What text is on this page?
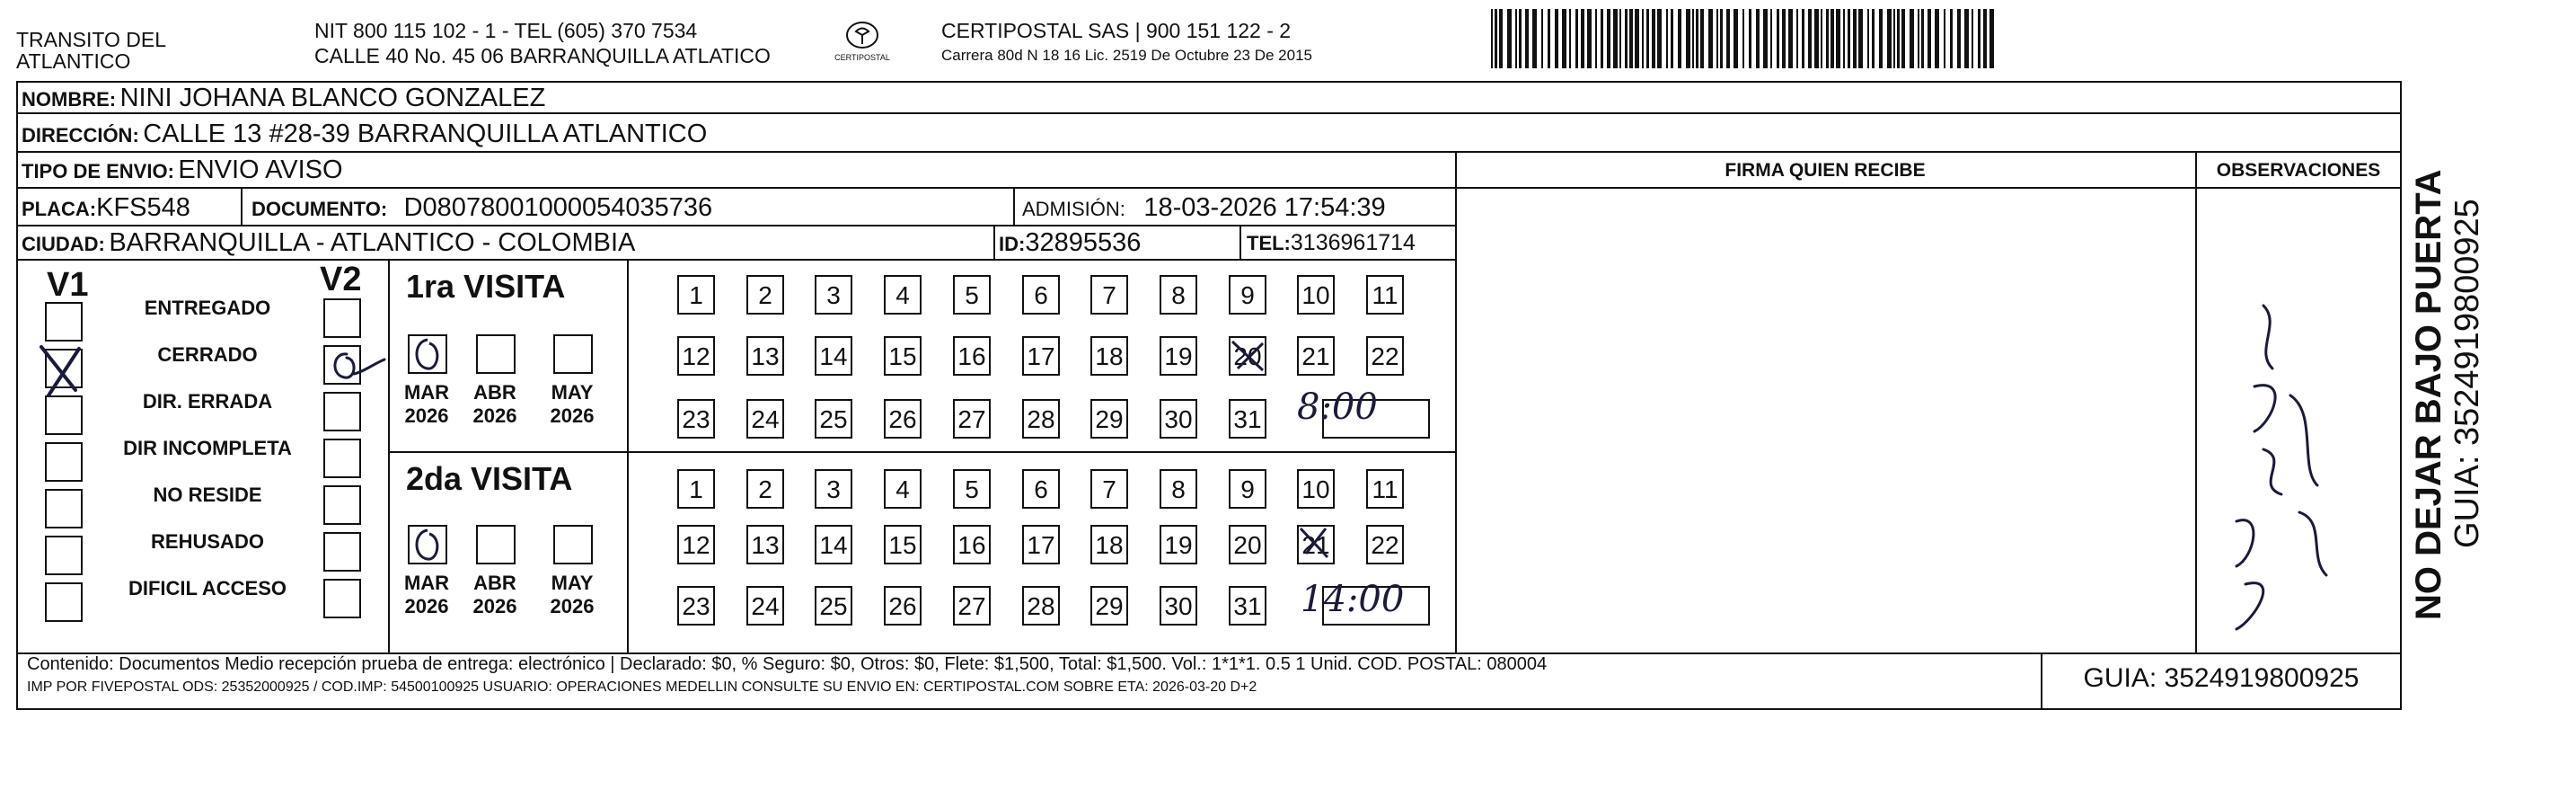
TRANSITO DEL
ATLANTICO
NIT 800 115 102 - 1 - TEL (605) 370 7534
CALLE 40 No. 45 06 BARRANQUILLA ATLATICO	CERTIPOSTAL
CERTIPOSTAL SAS | 900 151 122 - 2
Carrera 80d N 18 16 Lic. 2519 De Octubre 23 De 2015
NOMBRE: NINI JOHANA BLANCO GONZALEZ
DIRECCIÓN: CALLE 13 #28-39 BARRANQUILLA ATLANTICO
TIPO DE ENVIO: ENVIO AVISO
PLACA:KFS548	DOCUMENTO: D08078001000054035736	ADMISIÓN: 18-03-2026 17:54:39
CIUDAD: BARRANQUILLA - ATLANTICO - COLOMBIA	ID:32895536	TEL:3136961714
FIRMA QUIEN RECIBE	OBSERVACIONES
V1	V2
ENTREGADO
CERRADO
DIR. ERRADA
DIR INCOMPLETA
NO RESIDE
REHUSADO
DIFICIL ACCESO
1ra VISITA
2da VISITA
MAR
2026
ABR
2026
MAY
2026
MAR
2026
ABR
2026
MAY
2026
1	2	3	4	5	6	7	8	9	10 11
12 13 14 15 16 17 18 19 20 21 22
23 24 25 26 27 28 29 30 31
1	2	3	4	5	6	7	8	9	10 11
12 13 14 15 16 17 18 19 20 21 22
23 24 25 26 27 28 29 30 31
8:00
14:00
Contenido: Documentos Medio recepción prueba de entrega: electrónico | Declarado: $0, % Seguro: $0, Otros: $0, Flete: $1,500, Total: $1,500. Vol.: 1*1*1. 0.5 1 Unid. COD. POSTAL: 080004
IMP POR FIVEPOSTAL ODS: 25352000925 / COD.IMP: 54500100925 USUARIO: OPERACIONES MEDELLIN CONSULTE SU ENVIO EN: CERTIPOSTAL.COM SOBRE ETA: 2026-03-20 D+2	GUIA: 3524919800925
NO DEJAR BAJO PUERTA GUIA: 3524919800925
